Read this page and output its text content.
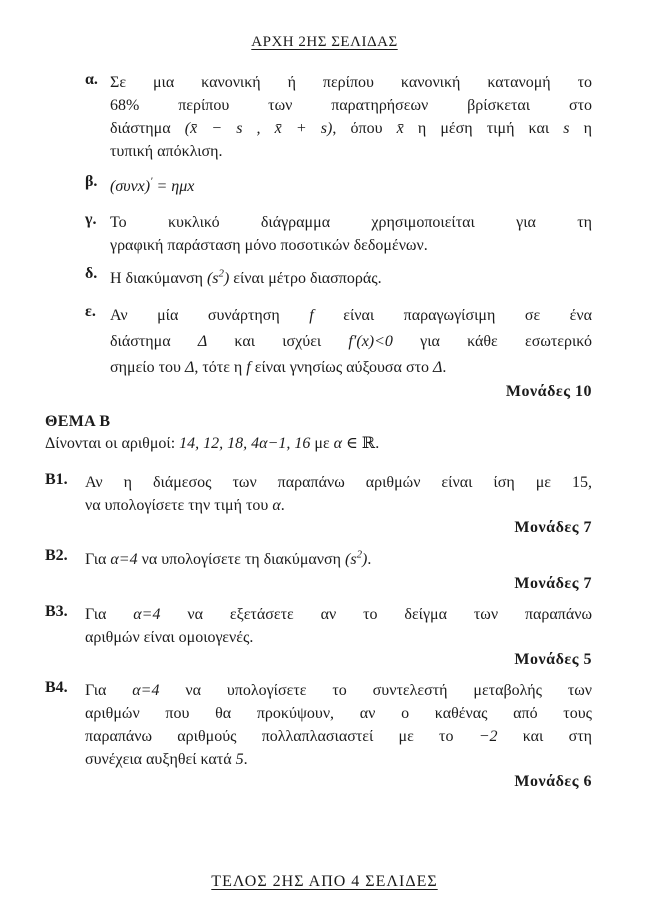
ΑΡΧΗ 2ΗΣ ΣΕΛΙΔΑΣ
α. Σε μια κανονική ή περίπου κανονική κατανομή το
68% περίπου των παρατηρήσεων βρίσκεται στο
διάστημα (x̄ − s , x̄ + s), όπου x̄ η μέση τιμή και s η
τυπική απόκλιση.
β. (συνx)′ = ημx
γ. Το κυκλικό διάγραμμα χρησιμοποιείται για τη
γραφική παράσταση μόνο ποσοτικών δεδομένων.
δ. Η διακύμανση $(s^2)$ είναι μέτρο διασποράς.
ε. Αν μία συνάρτηση f είναι παραγωγίσιμη σε ένα
διάστημα Δ και ισχύει f′(x)<0 για κάθε εσωτερικό
σημείο του Δ, τότε η f είναι γνησίως αύξουσα στο Δ.
Μονάδες 10
ΘΕΜΑ Β
Δίνονται οι αριθμοί: 14, 12, 18, 4α−1, 16 με α ∈ ℝ.
Β1.	Αν η διάμεσος των παραπάνω αριθμών είναι ίση με 15,
να υπολογίσετε την τιμή του α.
Μονάδες 7
Β2.	Για α=4 να υπολογίσετε τη διακύμανση $(s^2)$.
Μονάδες 7
Β3.	Για α=4 να εξετάσετε αν το δείγμα των παραπάνω
αριθμών είναι ομοιογενές.
Μονάδες 5
Β4.	Για α=4 να υπολογίσετε το συντελεστή μεταβολής των
αριθμών που θα προκύψουν, αν ο καθένας από τους
παραπάνω αριθμούς πολλαπλασιαστεί με το −2 και στη
συνέχεια αυξηθεί κατά 5.
Μονάδες 6
ΤΕΛΟΣ 2ΗΣ ΑΠΟ 4 ΣΕΛΙΔΕΣ
